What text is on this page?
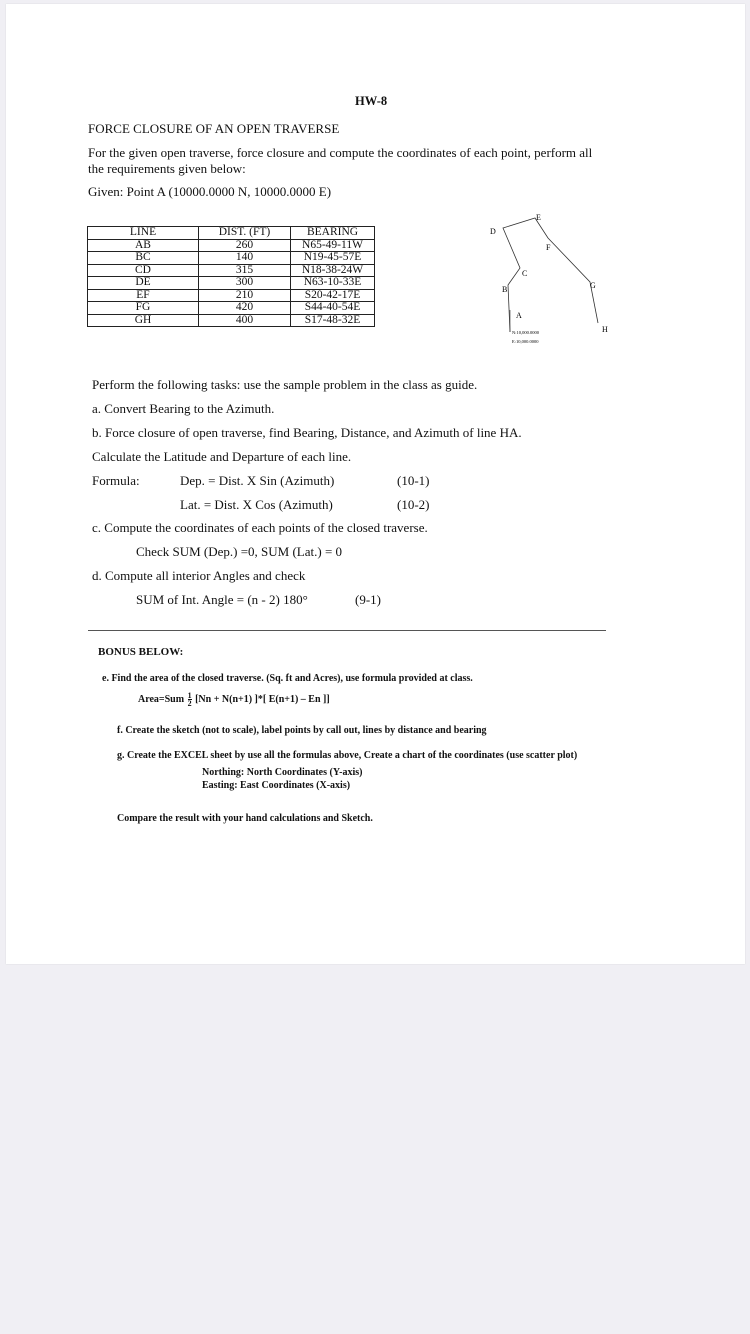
HW-8
FORCE CLOSURE OF AN OPEN TRAVERSE
For the given open traverse, force closure and compute the coordinates of each point, perform all
the requirements given below:
Given: Point A (10000.0000 N, 10000.0000 E)
LINE	DIST. (FT)	BEARING
AB	260	N65-49-11W
BC	140	N19-45-57E
CD	315	N18-38-24W
DE	300	N63-10-33E
EF	210	S20-42-17E
FG	420	S44-40-54E
GH	400	S17-48-32E
D
E
F
C
G
B
A
H
N:10,000.0000
E:10,000.0000
Perform the following tasks: use the sample problem in the class as guide.
a. Convert Bearing to the Azimuth.
b. Force closure of open traverse, find Bearing, Distance, and Azimuth of line HA.
Calculate the Latitude and Departure of each line.
Formula:	Dep. = Dist. X Sin (Azimuth)	(10-1)
Lat. = Dist. X Cos (Azimuth)	(10-2)
c. Compute the coordinates of each points of the closed traverse.
Check SUM (Dep.) =0, SUM (Lat.) = 0
d. Compute all interior Angles and check
SUM of Int. Angle = (n - 2) 180°	(9-1)
BONUS BELOW:
e. Find the area of the closed traverse. (Sq. ft and Acres), use formula provided at class.
Area=Sum $\frac{1}{2} [Nn + N(n+1)$ ]*[ E(n+1) – En ]]
f. Create the sketch (not to scale), label points by call out, lines by distance and bearing
g. Create the EXCEL sheet by use all the formulas above, Create a chart of the coordinates (use scatter plot)
Northing: North Coordinates (Y-axis)
Easting: East Coordinates (X-axis)
Compare the result with your hand calculations and Sketch.
